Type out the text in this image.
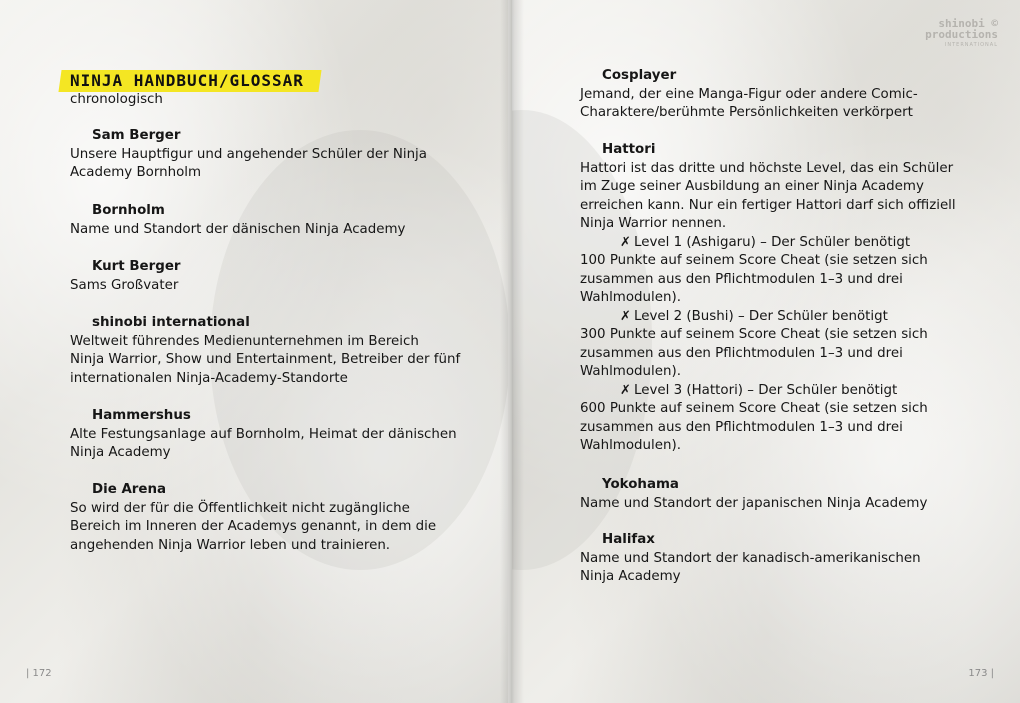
NINJA HANDBUCH/GLOSSAR
chronologisch
Sam Berger
Unsere Hauptfigur und angehender Schüler der Ninja
Academy Bornholm
Bornholm
Name und Standort der dänischen Ninja Academy
Kurt Berger
Sams Großvater
shinobi international
Weltweit führendes Medienunternehmen im Bereich
Ninja Warrior, Show und Entertainment, Betreiber der fünf
internationalen Ninja-Academy-Standorte
Hammershus
Alte Festungsanlage auf Bornholm, Heimat der dänischen
Ninja Academy
Die Arena
So wird der für die Öffentlichkeit nicht zugängliche
Bereich im Inneren der Academys genannt, in dem die
angehenden Ninja Warrior leben und trainieren.
| 172
shinobi ©
productions
INTERNATIONAL
Cosplayer
Jemand, der eine Manga-Figur oder andere Comic-
Charaktere/berühmte Persönlichkeiten verkörpert
Hattori
Hattori ist das dritte und höchste Level, das ein Schüler
im Zuge seiner Ausbildung an einer Ninja Academy
erreichen kann. Nur ein fertiger Hattori darf sich offiziell
Ninja Warrior nennen.
✗ Level 1 (Ashigaru) – Der Schüler benötigt
100 Punkte auf seinem Score Cheat (sie setzen sich
zusammen aus den Pflichtmodulen 1–3 und drei
Wahlmodulen).
✗ Level 2 (Bushi) – Der Schüler benötigt
300 Punkte auf seinem Score Cheat (sie setzen sich
zusammen aus den Pflichtmodulen 1–3 und drei
Wahlmodulen).
✗ Level 3 (Hattori) – Der Schüler benötigt
600 Punkte auf seinem Score Cheat (sie setzen sich
zusammen aus den Pflichtmodulen 1–3 und drei
Wahlmodulen).
Yokohama
Name und Standort der japanischen Ninja Academy
Halifax
Name und Standort der kanadisch-amerikanischen
Ninja Academy
173 |
